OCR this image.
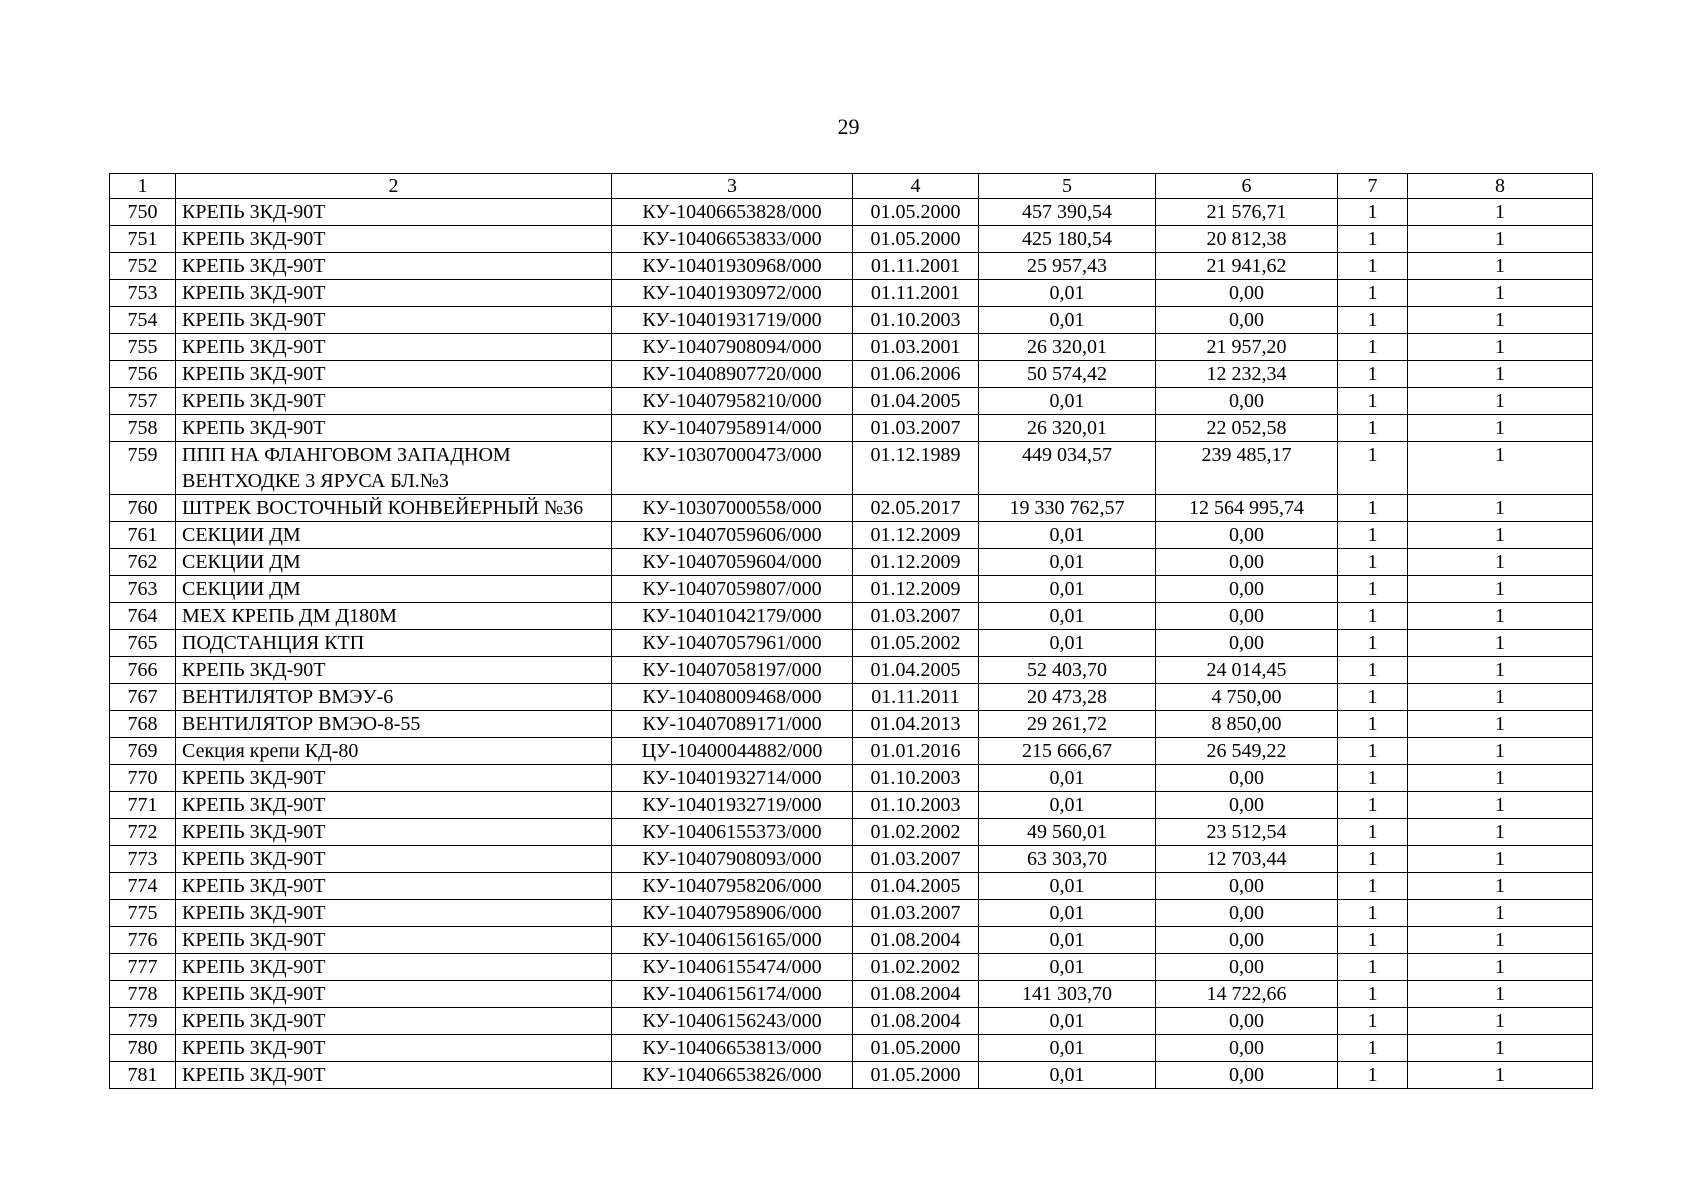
29
1	2	3	4	5	6	7	8
750	КРЕПЬ 3КД-90Т	КУ-10406653828/000	01.05.2000	457 390,54	21 576,71	1	1
751	КРЕПЬ 3КД-90Т	КУ-10406653833/000	01.05.2000	425 180,54	20 812,38	1	1
752	КРЕПЬ 3КД-90Т	КУ-10401930968/000	01.11.2001	25 957,43	21 941,62	1	1
753	КРЕПЬ 3КД-90Т	КУ-10401930972/000	01.11.2001	0,01	0,00	1	1
754	КРЕПЬ 3КД-90Т	КУ-10401931719/000	01.10.2003	0,01	0,00	1	1
755	КРЕПЬ 3КД-90Т	КУ-10407908094/000	01.03.2001	26 320,01	21 957,20	1	1
756	КРЕПЬ 3КД-90Т	КУ-10408907720/000	01.06.2006	50 574,42	12 232,34	1	1
757	КРЕПЬ 3КД-90Т	КУ-10407958210/000	01.04.2005	0,01	0,00	1	1
758	КРЕПЬ 3КД-90Т	КУ-10407958914/000	01.03.2007	26 320,01	22 052,58	1	1
759	ППП НА ФЛАНГОВОМ ЗАПАДНОМ ВЕНТХОДКЕ 3 ЯРУСА БЛ.№3	КУ-10307000473/000	01.12.1989	449 034,57	239 485,17	1	1
760	ШТРЕК ВОСТОЧНЫЙ КОНВЕЙЕРНЫЙ №36	КУ-10307000558/000	02.05.2017	19 330 762,57	12 564 995,74	1	1
761	СЕКЦИИ ДМ	КУ-10407059606/000	01.12.2009	0,01	0,00	1	1
762	СЕКЦИИ ДМ	КУ-10407059604/000	01.12.2009	0,01	0,00	1	1
763	СЕКЦИИ ДМ	КУ-10407059807/000	01.12.2009	0,01	0,00	1	1
764	МЕХ КРЕПЬ ДМ Д180М	КУ-10401042179/000	01.03.2007	0,01	0,00	1	1
765	ПОДСТАНЦИЯ КТП	КУ-10407057961/000	01.05.2002	0,01	0,00	1	1
766	КРЕПЬ 3КД-90Т	КУ-10407058197/000	01.04.2005	52 403,70	24 014,45	1	1
767	ВЕНТИЛЯТОР ВМЭУ-6	КУ-10408009468/000	01.11.2011	20 473,28	4 750,00	1	1
768	ВЕНТИЛЯТОР ВМЭО-8-55	КУ-10407089171/000	01.04.2013	29 261,72	8 850,00	1	1
769	Секция крепи КД-80	ЦУ-10400044882/000	01.01.2016	215 666,67	26 549,22	1	1
770	КРЕПЬ 3КД-90Т	КУ-10401932714/000	01.10.2003	0,01	0,00	1	1
771	КРЕПЬ 3КД-90Т	КУ-10401932719/000	01.10.2003	0,01	0,00	1	1
772	КРЕПЬ 3КД-90Т	КУ-10406155373/000	01.02.2002	49 560,01	23 512,54	1	1
773	КРЕПЬ 3КД-90Т	КУ-10407908093/000	01.03.2007	63 303,70	12 703,44	1	1
774	КРЕПЬ 3КД-90Т	КУ-10407958206/000	01.04.2005	0,01	0,00	1	1
775	КРЕПЬ 3КД-90Т	КУ-10407958906/000	01.03.2007	0,01	0,00	1	1
776	КРЕПЬ 3КД-90Т	КУ-10406156165/000	01.08.2004	0,01	0,00	1	1
777	КРЕПЬ 3КД-90Т	КУ-10406155474/000	01.02.2002	0,01	0,00	1	1
778	КРЕПЬ 3КД-90Т	КУ-10406156174/000	01.08.2004	141 303,70	14 722,66	1	1
779	КРЕПЬ 3КД-90Т	КУ-10406156243/000	01.08.2004	0,01	0,00	1	1
780	КРЕПЬ 3КД-90Т	КУ-10406653813/000	01.05.2000	0,01	0,00	1	1
781	КРЕПЬ 3КД-90Т	КУ-10406653826/000	01.05.2000	0,01	0,00	1	1
